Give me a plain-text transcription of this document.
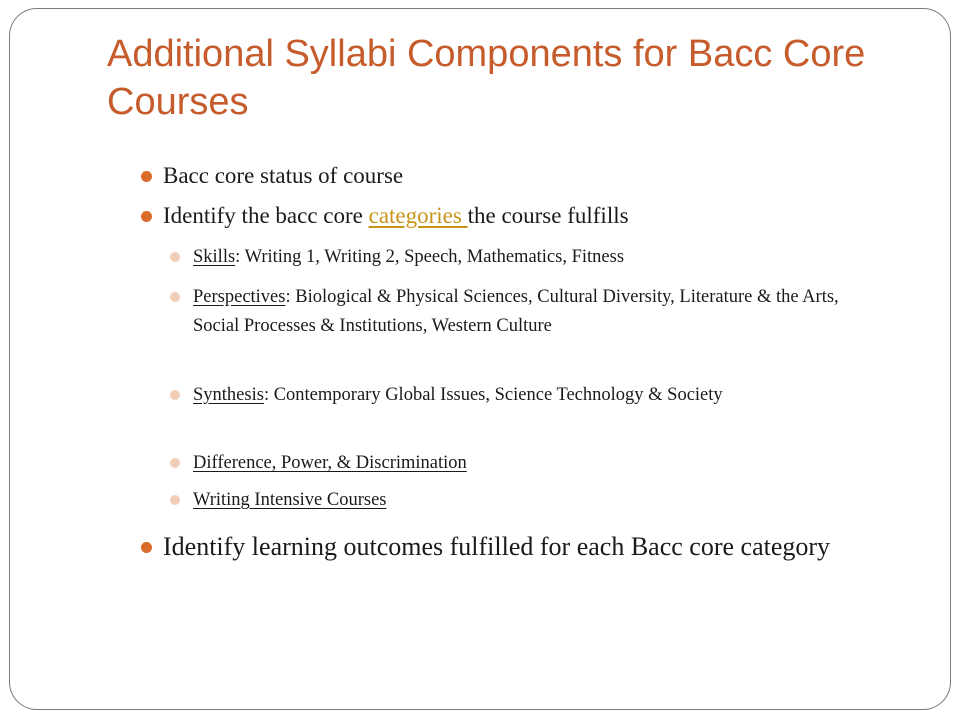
Additional Syllabi Components for Bacc Core Courses
Bacc core status of course
Identify the bacc core categories the course fulfills
Skills: Writing 1, Writing 2, Speech, Mathematics, Fitness
Perspectives: Biological & Physical Sciences, Cultural Diversity, Literature & the Arts, Social Processes & Institutions, Western Culture
Synthesis: Contemporary Global Issues, Science Technology & Society
Difference, Power, & Discrimination
Writing Intensive Courses
Identify learning outcomes fulfilled for each Bacc core category
